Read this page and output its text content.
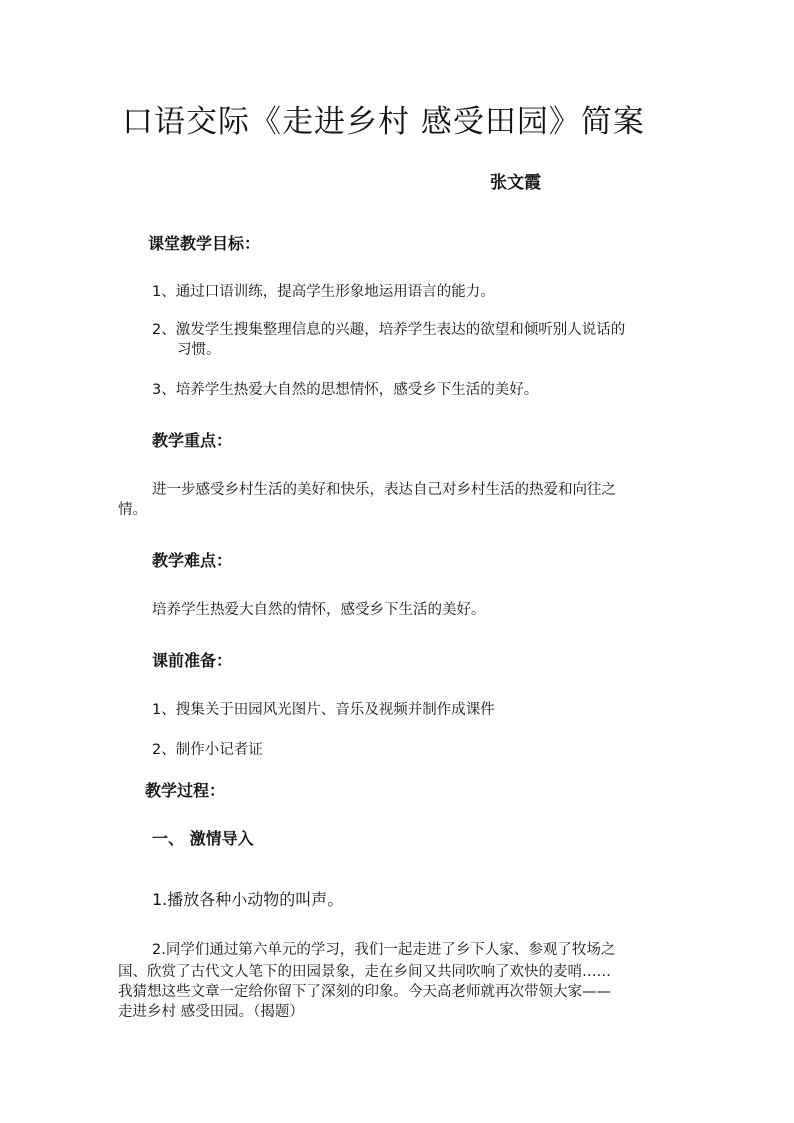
口语交际《走进乡村 感受田园》简案
张文霞
课堂教学目标：
1、通过口语训练，提高学生形象地运用语言的能力。
2、激发学生搜集整理信息的兴趣，培养学生表达的欲望和倾听别人说话的
习惯。
3、培养学生热爱大自然的思想情怀，感受乡下生活的美好。
教学重点：
进一步感受乡村生活的美好和快乐，表达自己对乡村生活的热爱和向往之
情。
教学难点：
培养学生热爱大自然的情怀，感受乡下生活的美好。
课前准备：
1、搜集关于田园风光图片、音乐及视频并制作成课件
2、制作小记者证
教学过程：
一、 激情导入
1.播放各种小动物的叫声。
2.同学们通过第六单元的学习，我们一起走进了乡下人家、参观了牧场之
国、欣赏了古代文人笔下的田园景象，走在乡间又共同吹响了欢快的麦哨……
我猜想这些文章一定给你留下了深刻的印象。今天高老师就再次带领大家——
走进乡村 感受田园。（揭题）
